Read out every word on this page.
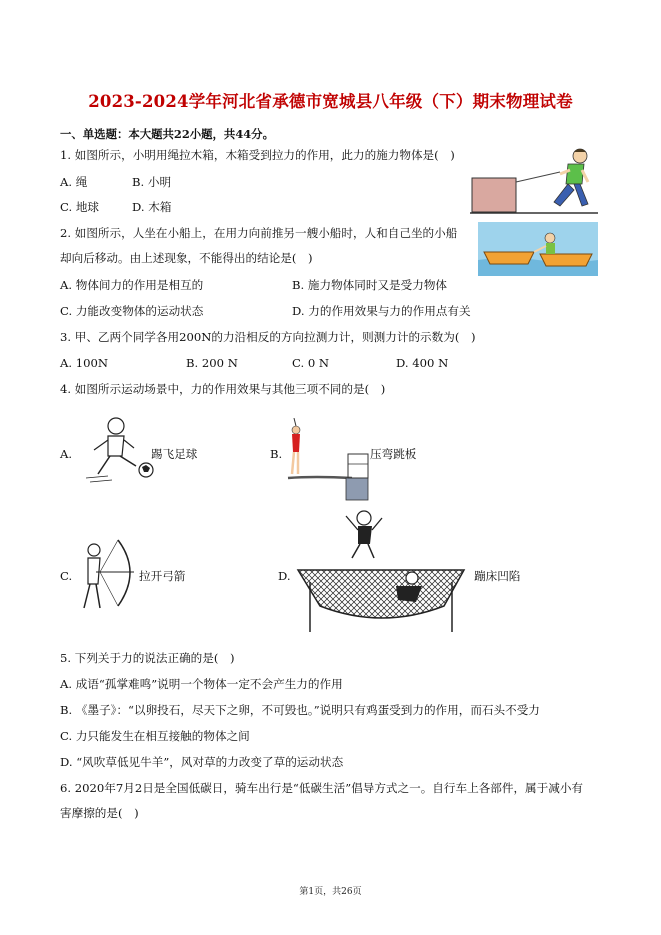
2023-2024学年河北省承德市宽城县八年级（下）期末物理试卷
一、单选题：本大题共22小题，共44分。
1. 如图所示，小明用绳拉木箱，木箱受到拉力的作用，此力的施力物体是(　)
A. 绳	B. 小明
C. 地球	D. 木箱
2. 如图所示，人坐在小船上，在用力向前推另一艘小船时，人和自己坐的小船
却向后移动。由上述现象，不能得出的结论是(　)
A. 物体间力的作用是相互的	B. 施力物体同时又是受力物体
C. 力能改变物体的运动状态	D. 力的作用效果与力的作用点有关
3. 甲、乙两个同学各用200N的力沿相反的方向拉测力计，则测力计的示数为(　)
A. 100N	B. 200 N	C. 0 N	D. 400 N
4. 如图所示运动场景中，力的作用效果与其他三项不同的是(　)
A.	踢飞足球	B.	压弯跳板
C.	拉开弓箭	D.	蹦床凹陷
5. 下列关于力的说法正确的是(　)
A. 成语“孤掌难鸣”说明一个物体一定不会产生力的作用
B. 《墨子》：“以卵投石，尽天下之卵，不可毁也。”说明只有鸡蛋受到力的作用，而石头不受力
C. 力只能发生在相互接触的物体之间
D. “风吹草低见牛羊”，风对草的力改变了草的运动状态
6. 2020年7月2日是全国低碳日，骑车出行是“低碳生活”倡导方式之一。自行车上各部件，属于减小有
害摩擦的是(　)
第1页，共26页
